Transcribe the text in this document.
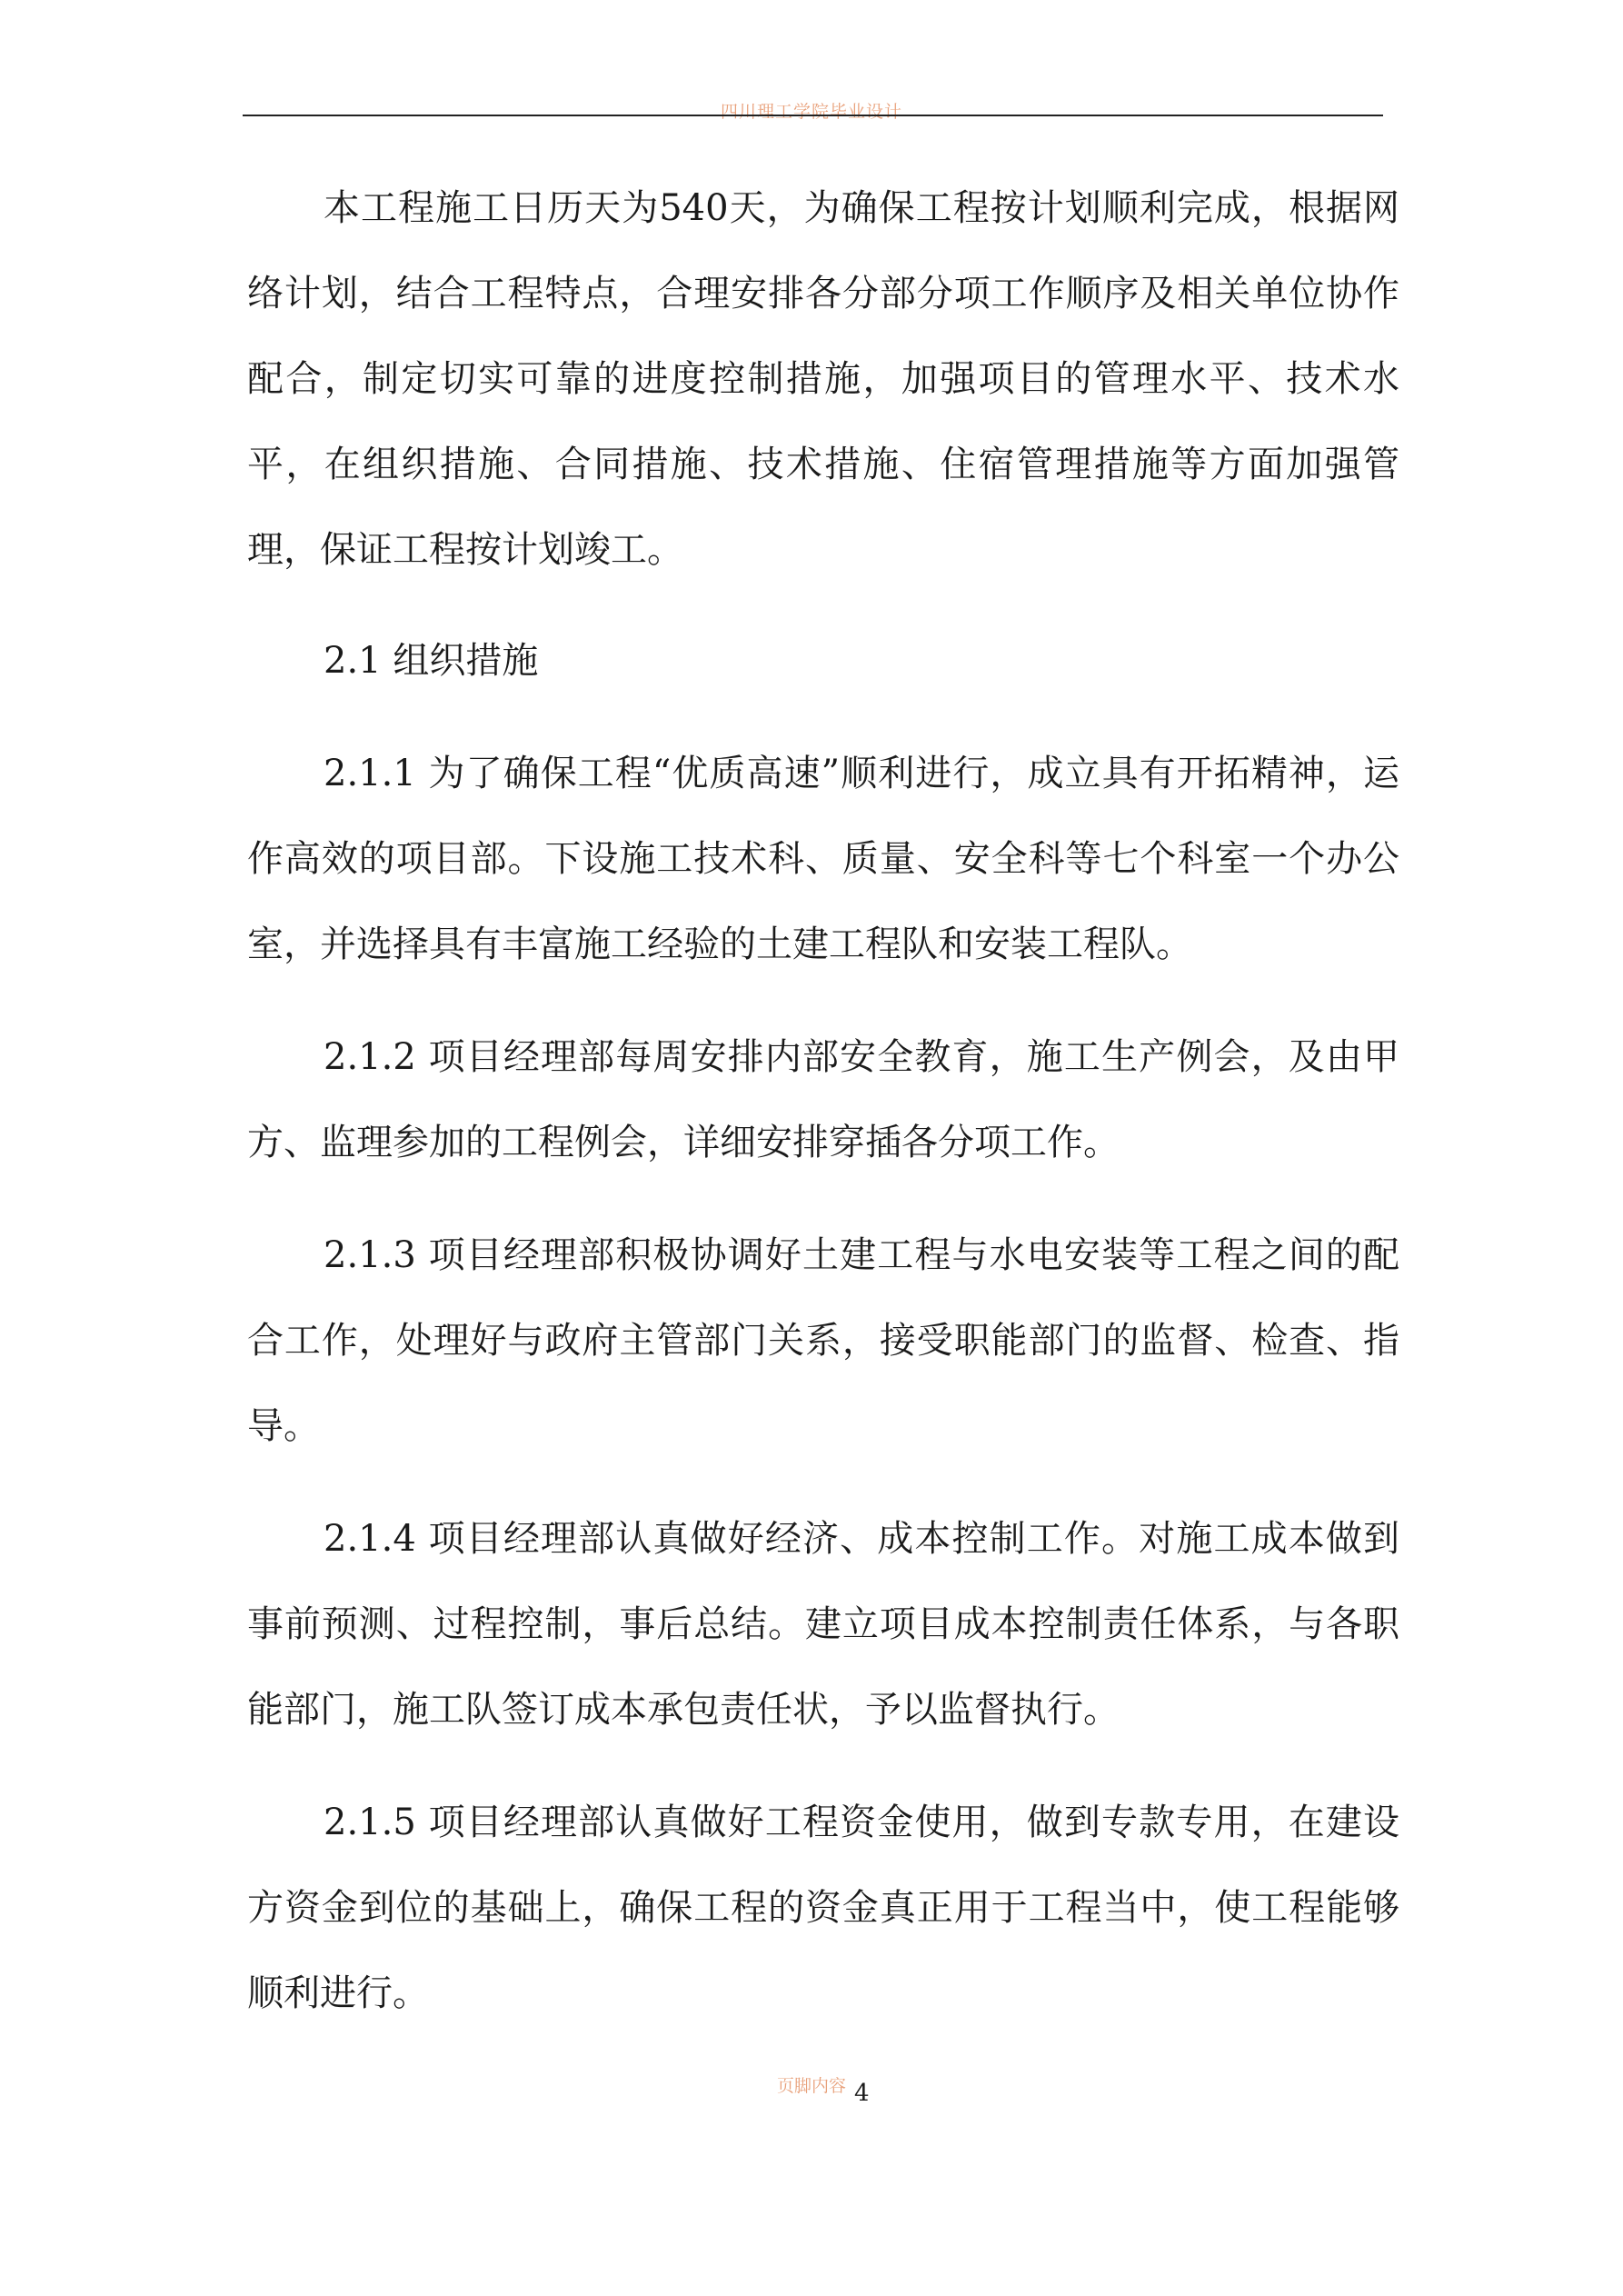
四川理工学院毕业设计

本工程施工日历天为540天，为确保工程按计划顺利完成，根据网络计划，结合工程特点，合理安排各分部分项工作顺序及相关单位协作配合，制定切实可靠的进度控制措施，加强项目的管理水平、技术水平，在组织措施、合同措施、技术措施、住宿管理措施等方面加强管理，保证工程按计划竣工。

2.1 组织措施

2.1.1 为了确保工程“优质高速”顺利进行，成立具有开拓精神，运作高效的项目部。下设施工技术科、质量、安全科等七个科室一个办公室，并选择具有丰富施工经验的土建工程队和安装工程队。

2.1.2 项目经理部每周安排内部安全教育，施工生产例会，及由甲方、监理参加的工程例会，详细安排穿插各分项工作。

2.1.3 项目经理部积极协调好土建工程与水电安装等工程之间的配合工作，处理好与政府主管部门关系，接受职能部门的监督、检查、指导。

2.1.4 项目经理部认真做好经济、成本控制工作。对施工成本做到事前预测、过程控制，事后总结。建立项目成本控制责任体系，与各职能部门，施工队签订成本承包责任状，予以监督执行。

2.1.5 项目经理部认真做好工程资金使用，做到专款专用，在建设方资金到位的基础上，确保工程的资金真正用于工程当中，使工程能够顺利进行。

页脚内容 4
